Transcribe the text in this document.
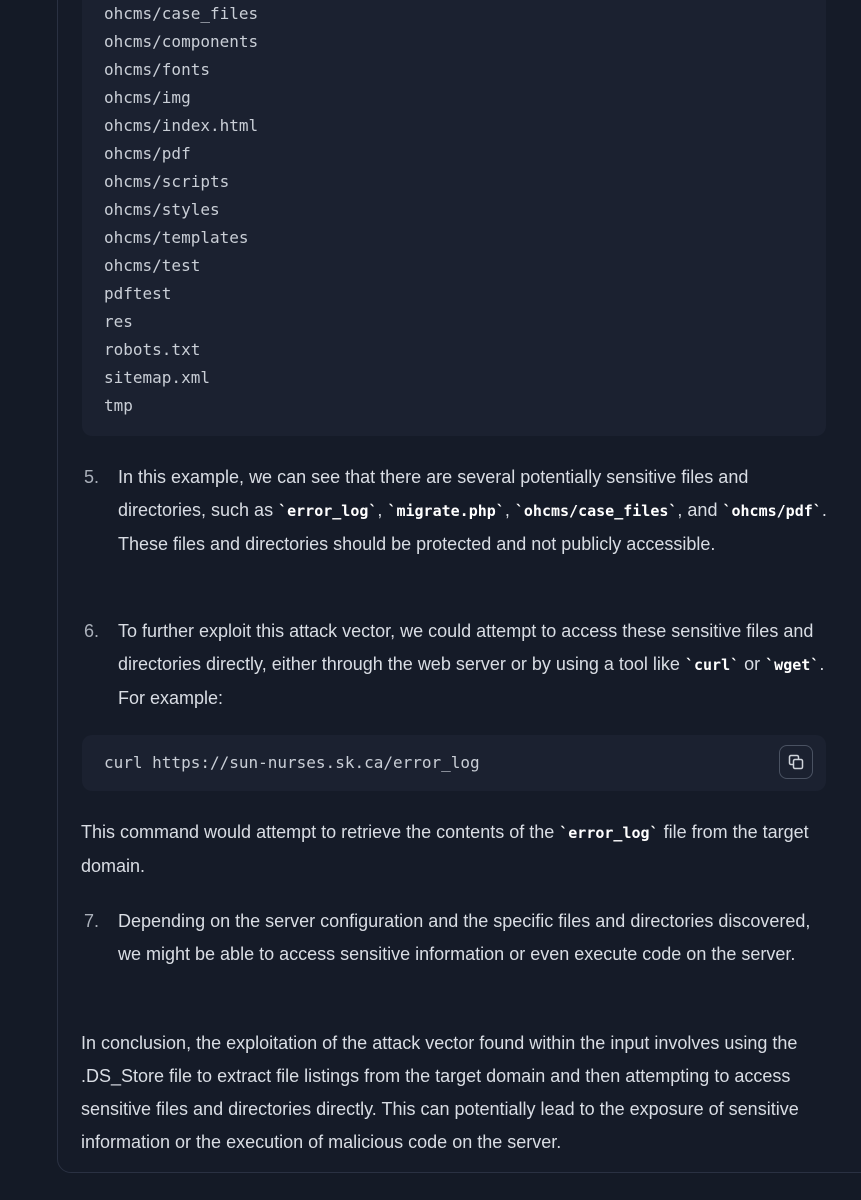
ohcms/case_files
ohcms/components
ohcms/fonts
ohcms/img
ohcms/index.html
ohcms/pdf
ohcms/scripts
ohcms/styles
ohcms/templates
ohcms/test
pdftest
res
robots.txt
sitemap.xml
tmp
5. In this example, we can see that there are several potentially sensitive files and directories, such as `error_log`, `migrate.php`, `ohcms/case_files`, and `ohcms/pdf`. These files and directories should be protected and not publicly accessible.
6. To further exploit this attack vector, we could attempt to access these sensitive files and directories directly, either through the web server or by using a tool like `curl` or `wget`. For example:
curl https://sun-nurses.sk.ca/error_log
This command would attempt to retrieve the contents of the `error_log` file from the target domain.
7. Depending on the server configuration and the specific files and directories discovered, we might be able to access sensitive information or even execute code on the server.
In conclusion, the exploitation of the attack vector found within the input involves using the .DS_Store file to extract file listings from the target domain and then attempting to access sensitive files and directories directly. This can potentially lead to the exposure of sensitive information or the execution of malicious code on the server.
